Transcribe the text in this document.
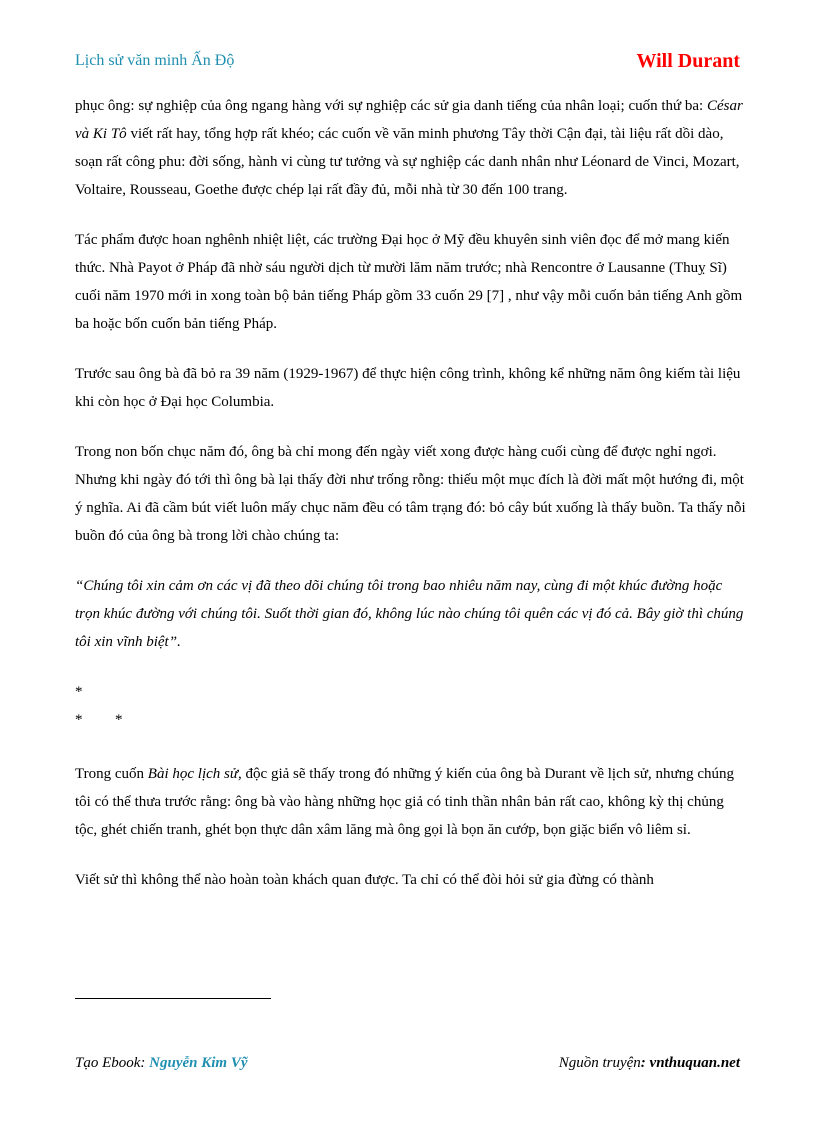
Lịch sử văn minh Ấn Độ	Will Durant

phục ông: sự nghiệp của ông ngang hàng với sự nghiệp các sử gia danh tiếng của nhân loại; cuốn thứ ba: César và Ki Tô viết rất hay, tổng hợp rất khéo; các cuốn về văn minh phương Tây thời Cận đại, tài liệu rất dồi dào, soạn rất công phu: đời sống, hành vi cùng tư tưởng và sự nghiệp các danh nhân như Léonard de Vinci, Mozart, Voltaire, Rousseau, Goethe được chép lại rất đầy đủ, mỗi nhà từ 30 đến 100 trang.

Tác phẩm được hoan nghênh nhiệt liệt, các trường Đại học ở Mỹ đều khuyên sinh viên đọc để mở mang kiến thức. Nhà Payot ở Pháp đã nhờ sáu người dịch từ mười lăm năm trước; nhà Rencontre ở Lausanne (Thuỵ Sĩ) cuối năm 1970 mới in xong toàn bộ bản tiếng Pháp gồm 33 cuốn 29 [7] , như vậy mỗi cuốn bản tiếng Anh gồm ba hoặc bốn cuốn bản tiếng Pháp.

Trước sau ông bà đã bỏ ra 39 năm (1929-1967) để thực hiện công trình, không kể những năm ông kiếm tài liệu khi còn học ở Đại học Columbia.

Trong non bốn chục năm đó, ông bà chỉ mong đến ngày viết xong được hàng cuối cùng để được nghỉ ngơi. Nhưng khi ngày đó tới thì ông bà lại thấy đời như trống rỗng: thiếu một mục đích là đời mất một hướng đi, một ý nghĩa. Ai đã cầm bút viết luôn mấy chục năm đều có tâm trạng đó: bỏ cây bút xuống là thấy buồn. Ta thấy nỗi buồn đó của ông bà trong lời chào chúng ta:

“Chúng tôi xin cảm ơn các vị đã theo dõi chúng tôi trong bao nhiêu năm nay, cùng đi một khúc đường hoặc trọn khúc đường với chúng tôi. Suốt thời gian đó, không lúc nào chúng tôi quên các vị đó cả. Bây giờ thì chúng tôi xin vĩnh biệt”.

*
* *

Trong cuốn Bài học lịch sử, độc giả sẽ thấy trong đó những ý kiến của ông bà Durant về lịch sử, nhưng chúng tôi có thể thưa trước rằng: ông bà vào hàng những học giả có tinh thần nhân bản rất cao, không kỳ thị chủng tộc, ghét chiến tranh, ghét bọn thực dân xâm lăng mà ông gọi là bọn ăn cướp, bọn giặc biển vô liêm sỉ.

Viết sử thì không thể nào hoàn toàn khách quan được. Ta chỉ có thể đòi hỏi sử gia đừng có thành

Tạo Ebook: Nguyễn Kim Vỹ	Nguồn truyện: vnthuquan.net
